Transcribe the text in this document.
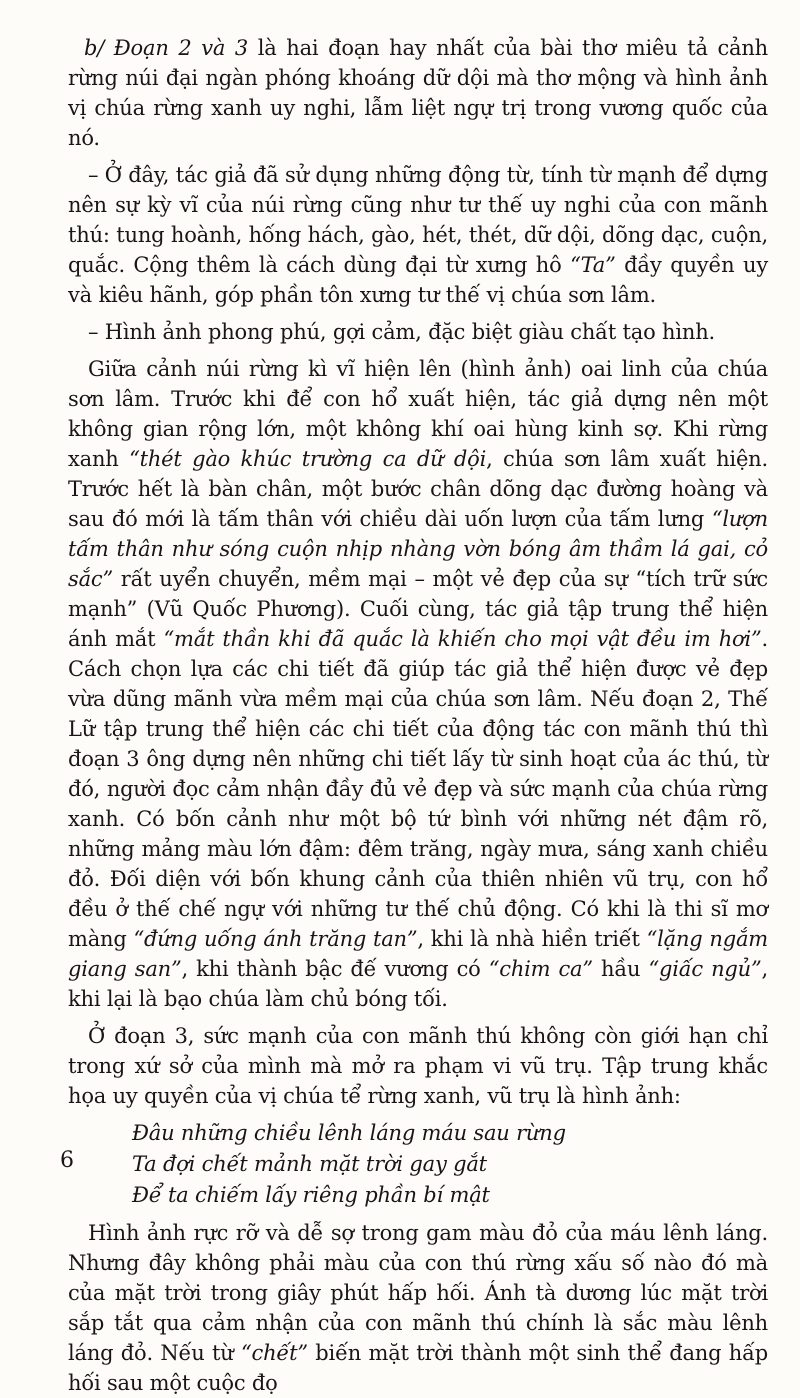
b/ Đoạn 2 và 3 là hai đoạn hay nhất của bài thơ miêu tả cảnh rừng núi đại ngàn phóng khoáng dữ dội mà thơ mộng và hình ảnh vị chúa rừng xanh uy nghi, lẫm liệt ngự trị trong vương quốc của nó.

– Ở đây, tác giả đã sử dụng những động từ, tính từ mạnh để dựng nên sự kỳ vĩ của núi rừng cũng như tư thế uy nghi của con mãnh thú: tung hoành, hống hách, gào, hét, thét, dữ dội, dõng dạc, cuộn, quắc. Cộng thêm là cách dùng đại từ xưng hô “Ta” đầy quyền uy và kiêu hãnh, góp phần tôn xưng tư thế vị chúa sơn lâm.

– Hình ảnh phong phú, gợi cảm, đặc biệt giàu chất tạo hình.

Giữa cảnh núi rừng kì vĩ hiện lên (hình ảnh) oai linh của chúa sơn lâm. Trước khi để con hổ xuất hiện, tác giả dựng nên một không gian rộng lớn, một không khí oai hùng kinh sợ. Khi rừng xanh “thét gào khúc trường ca dữ dội, chúa sơn lâm xuất hiện. Trước hết là bàn chân, một bước chân dõng dạc đường hoàng và sau đó mới là tấm thân với chiều dài uốn lượn của tấm lưng “lượn tấm thân như sóng cuộn nhịp nhàng vờn bóng âm thầm lá gai, cỏ sắc” rất uyển chuyển, mềm mại – một vẻ đẹp của sự “tích trữ sức mạnh” (Vũ Quốc Phương). Cuối cùng, tác giả tập trung thể hiện ánh mắt “mắt thần khi đã quắc là khiến cho mọi vật đều im hơi”. Cách chọn lựa các chi tiết đã giúp tác giả thể hiện được vẻ đẹp vừa dũng mãnh vừa mềm mại của chúa sơn lâm. Nếu đoạn 2, Thế Lữ tập trung thể hiện các chi tiết của động tác con mãnh thú thì đoạn 3 ông dựng nên những chi tiết lấy từ sinh hoạt của ác thú, từ đó, người đọc cảm nhận đầy đủ vẻ đẹp và sức mạnh của chúa rừng xanh. Có bốn cảnh như một bộ tứ bình với những nét đậm rõ, những mảng màu lớn đậm: đêm trăng, ngày mưa, sáng xanh chiều đỏ. Đối diện với bốn khung cảnh của thiên nhiên vũ trụ, con hổ đều ở thế chế ngự với những tư thế chủ động. Có khi là thi sĩ mơ màng “đứng uống ánh trăng tan”, khi là nhà hiền triết “lặng ngắm giang san”, khi thành bậc đế vương có “chim ca” hầu “giấc ngủ”, khi lại là bạo chúa làm chủ bóng tối.

Ở đoạn 3, sức mạnh của con mãnh thú không còn giới hạn chỉ trong xứ sở của mình mà mở ra phạm vi vũ trụ. Tập trung khắc họa uy quyền của vị chúa tể rừng xanh, vũ trụ là hình ảnh:

Đâu những chiều lênh láng máu sau rừng
Ta đợi chết mảnh mặt trời gay gắt
Để ta chiếm lấy riêng phần bí mật

Hình ảnh rực rỡ và dễ sợ trong gam màu đỏ của máu lênh láng. Nhưng đây không phải màu của con thú rừng xấu số nào đó mà của mặt trời trong giây phút hấp hối. Ánh tà dương lúc mặt trời sắp tắt qua cảm nhận của con mãnh thú chính là sắc màu lênh láng đỏ. Nếu từ “chết” biến mặt trời thành một sinh thể đang hấp hối sau một cuộc đọ

6
